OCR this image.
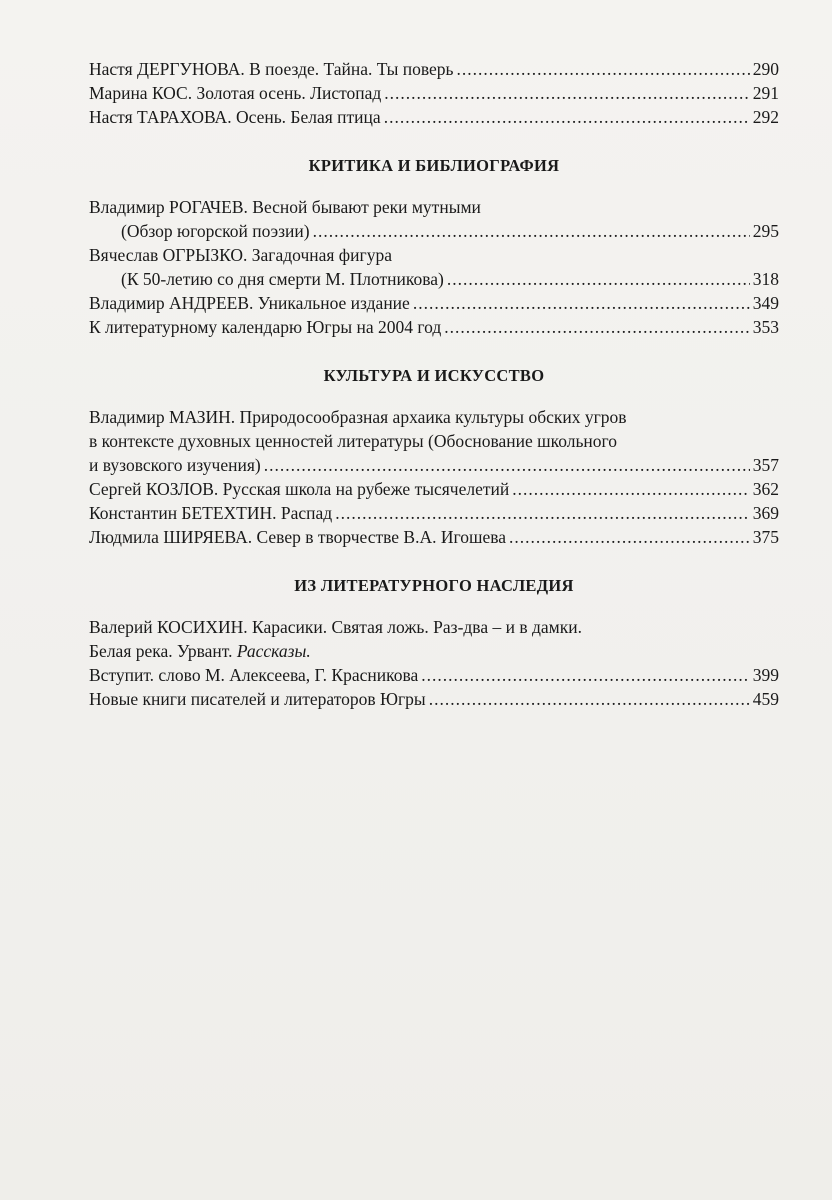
Настя ДЕРГУНОВА. В поезде. Тайна. Ты поверь .....	290
Марина КОС. Золотая осень. Листопад .....	291
Настя ТАРАХОВА. Осень. Белая птица .....	292
КРИТИКА И БИБЛИОГРАФИЯ
Владимир РОГАЧЕВ. Весной бывают реки мутными
(Обзор югорской поэзии) .....	295
Вячеслав ОГРЫЗКО. Загадочная фигура
(К 50-летию со дня смерти М. Плотникова) .....	318
Владимир АНДРЕЕВ. Уникальное издание .....	349
К литературному календарю Югры на 2004 год .....	353
КУЛЬТУРА И ИСКУССТВО
Владимир МАЗИН. Природосообразная архаика культуры обских угров
в контексте духовных ценностей литературы (Обоснование школьного
и вузовского изучения) .....	357
Сергей КОЗЛОВ. Русская школа на рубеже тысячелетий .....	362
Константин БЕТЕХТИН. Распад .....	369
Людмила ШИРЯЕВА. Север в творчестве В.А. Игошева .....	375
ИЗ ЛИТЕРАТУРНОГО НАСЛЕДИЯ
Валерий КОСИХИН. Карасики. Святая ложь. Раз-два – и в дамки.
Белая река. Урвант. Рассказы.
Вступит. слово М. Алексеева, Г. Красникова .....	399
Новые книги писателей и литераторов Югры .....	459
